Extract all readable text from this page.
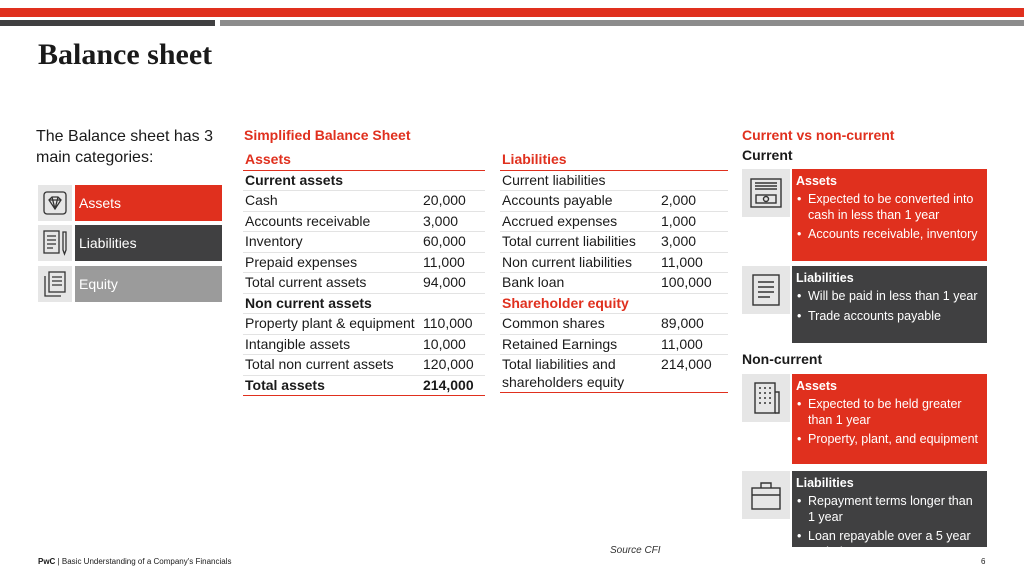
Balance sheet
The Balance sheet has 3 main categories:
Assets
Liabilities
Equity
Simplified Balance Sheet
Assets	
Current assets	
Cash	20,000
Accounts receivable	3,000
Inventory	60,000
Prepaid expenses	11,000
Total current assets	94,000
Non current assets	
Property plant & equipment	110,000
Intangible assets	10,000
Total non current assets	120,000
Total assets	214,000
Liabilities	
Current liabilities	
Accounts payable	2,000
Accrued expenses	1,000
Total current liabilities	3,000
Non current liabilities	11,000
Bank loan	100,000
Shareholder equity	
Common shares	89,000
Retained Earnings	11,000
Total liabilities and shareholders equity	214,000
Current vs non-current
Current
Non-current
Assets
• Expected to be converted into cash in less than 1 year
• Accounts receivable, inventory
Liabilities
• Will be paid in less than 1 year
• Trade accounts payable
Assets
• Expected to be held greater than 1 year
• Property, plant, and equipment
Liabilities
• Repayment terms longer than 1 year
• Loan repayable over a 5 year period
Source CFI
PwC | Basic Understanding of a Company's Financials	6
